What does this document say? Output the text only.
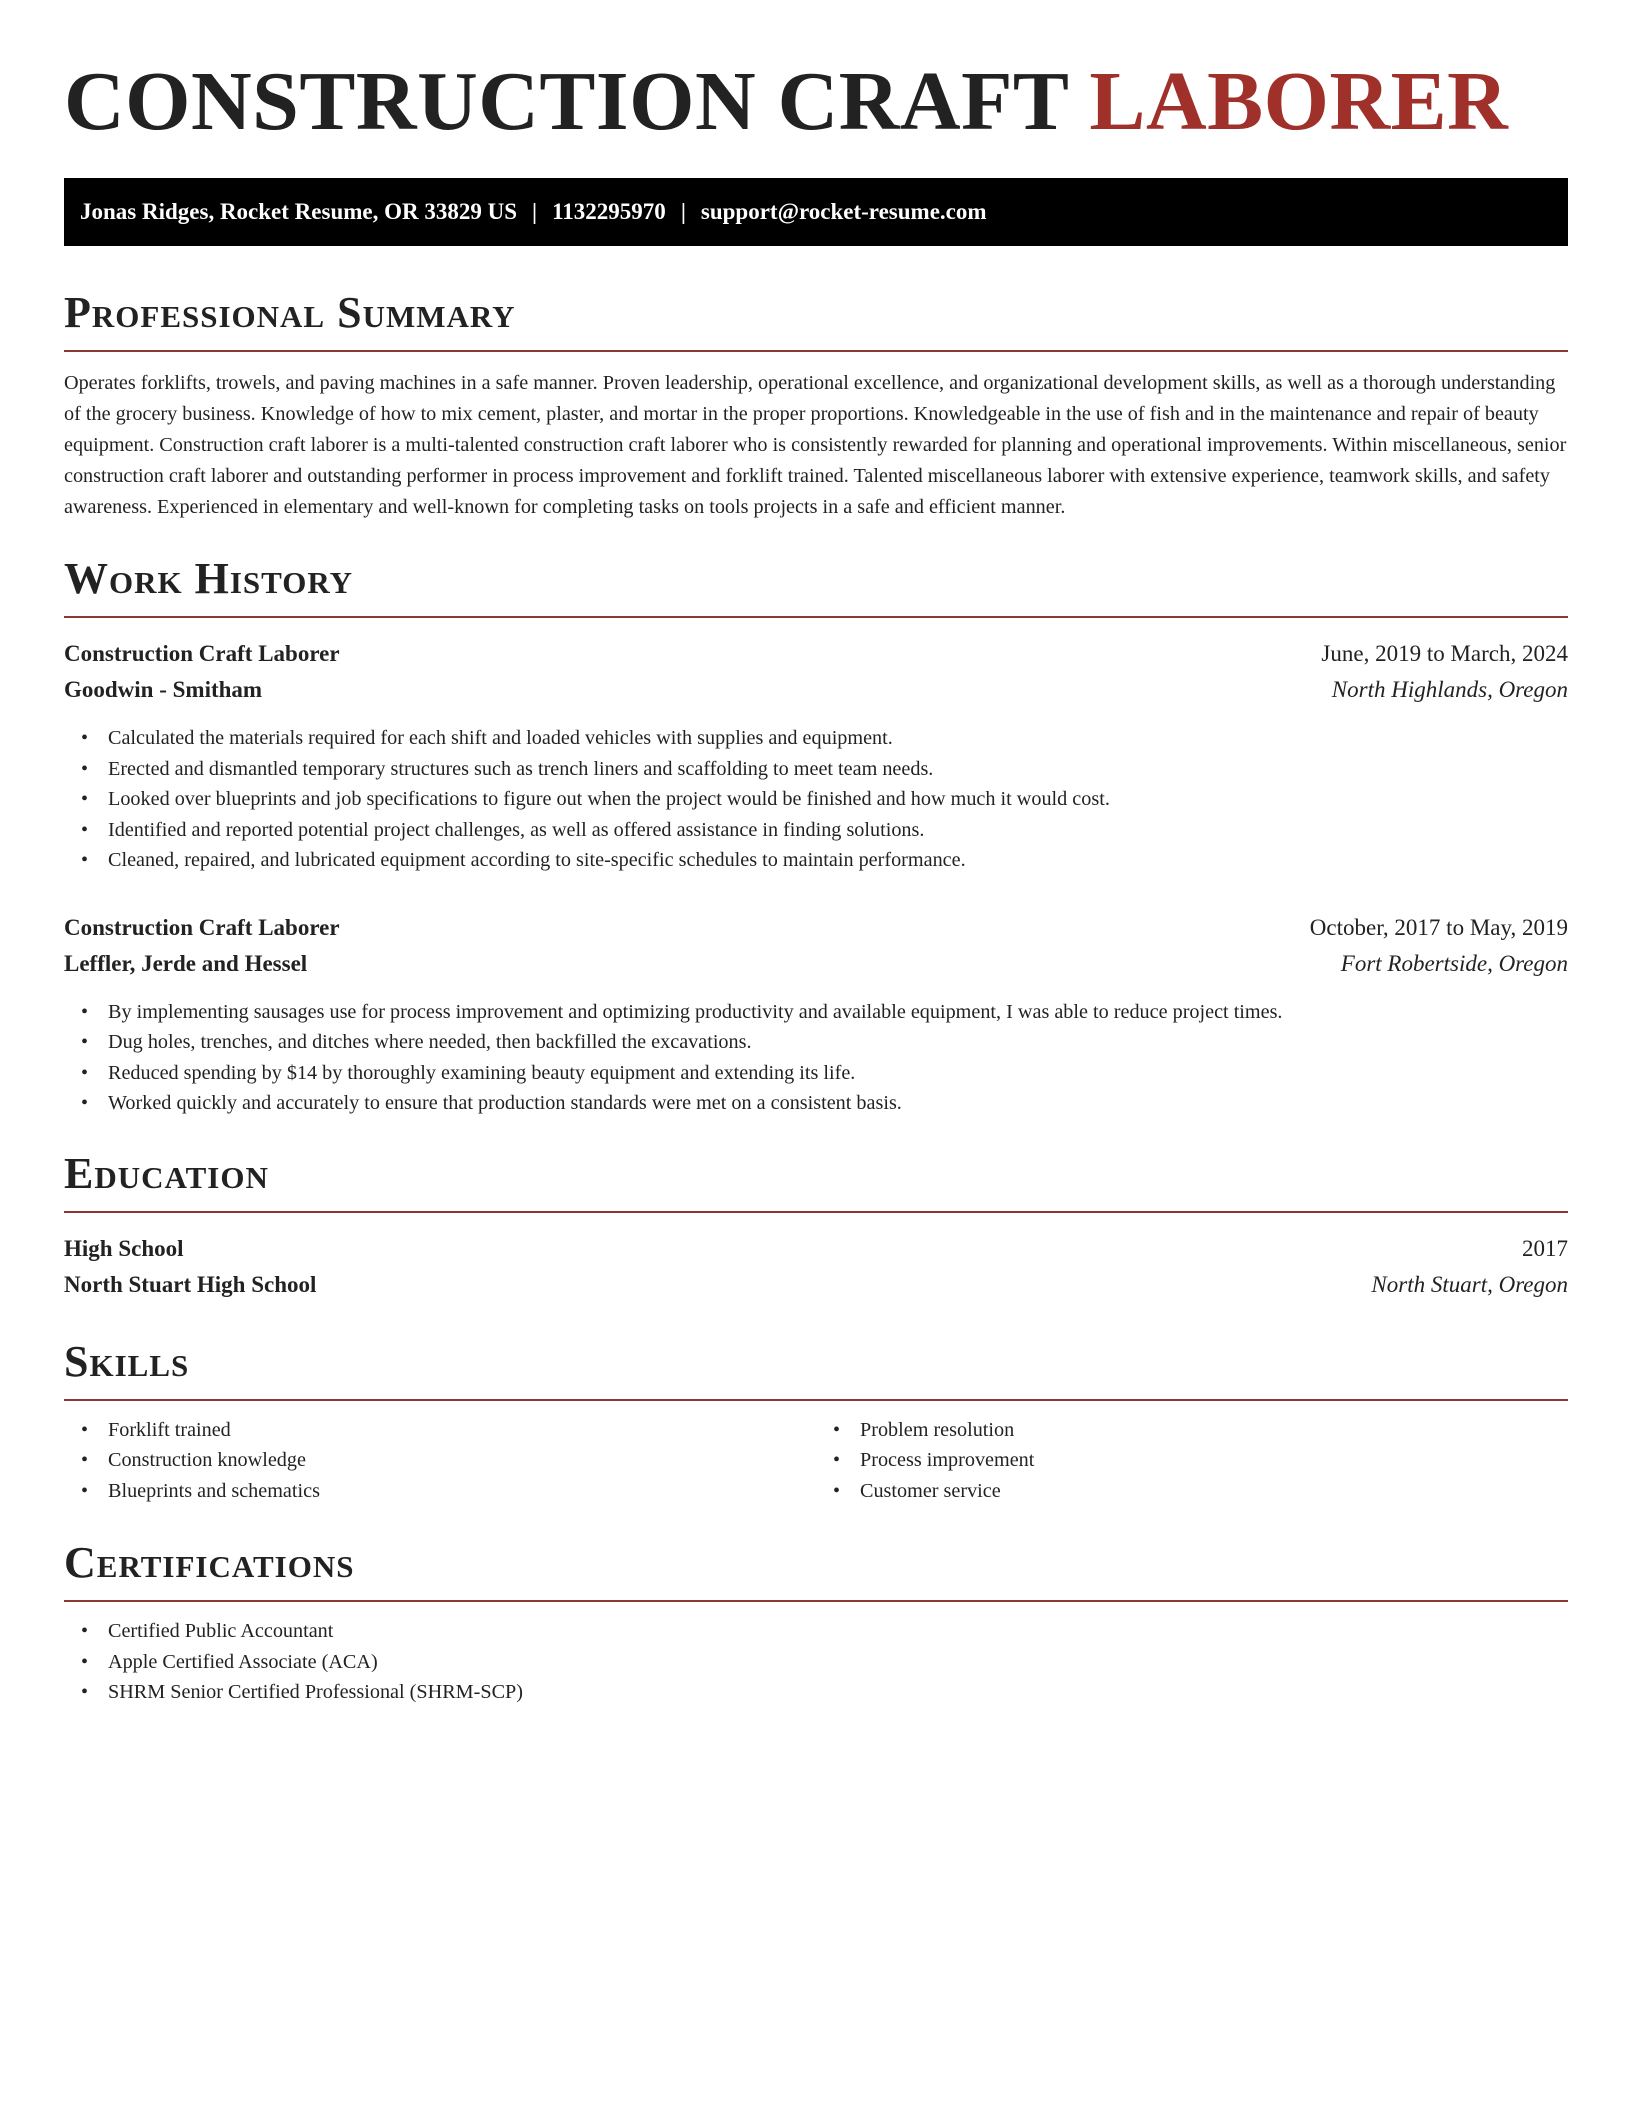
CONSTRUCTION CRAFT LABORER
Jonas Ridges, Rocket Resume, OR 33829 US | 1132295970 | support@rocket-resume.com
Professional Summary

Operates forklifts, trowels, and paving machines in a safe manner. Proven leadership, operational excellence, and organizational development skills, as well as a thorough understanding of the grocery business. Knowledge of how to mix cement, plaster, and mortar in the proper proportions. Knowledgeable in the use of fish and in the maintenance and repair of beauty equipment. Construction craft laborer is a multi-talented construction craft laborer who is consistently rewarded for planning and operational improvements. Within miscellaneous, senior construction craft laborer and outstanding performer in process improvement and forklift trained. Talented miscellaneous laborer with extensive experience, teamwork skills, and safety awareness. Experienced in elementary and well-known for completing tasks on tools projects in a safe and efficient manner.

Work History
Construction Craft Laborer	June, 2019 to March, 2024
Goodwin - Smitham	North Highlands, Oregon
• Calculated the materials required for each shift and loaded vehicles with supplies and equipment.
• Erected and dismantled temporary structures such as trench liners and scaffolding to meet team needs.
• Looked over blueprints and job specifications to figure out when the project would be finished and how much it would cost.
• Identified and reported potential project challenges, as well as offered assistance in finding solutions.
• Cleaned, repaired, and lubricated equipment according to site-specific schedules to maintain performance.
Construction Craft Laborer	October, 2017 to May, 2019
Leffler, Jerde and Hessel	Fort Robertside, Oregon
• By implementing sausages use for process improvement and optimizing productivity and available equipment, I was able to reduce project times.
• Dug holes, trenches, and ditches where needed, then backfilled the excavations.
• Reduced spending by $14 by thoroughly examining beauty equipment and extending its life.
• Worked quickly and accurately to ensure that production standards were met on a consistent basis.
Education
High School	2017
North Stuart High School	North Stuart, Oregon
Skills
• Forklift trained
• Construction knowledge
• Blueprints and schematics
• Problem resolution
• Process improvement
• Customer service
Certifications
• Certified Public Accountant
• Apple Certified Associate (ACA)
• SHRM Senior Certified Professional (SHRM-SCP)
